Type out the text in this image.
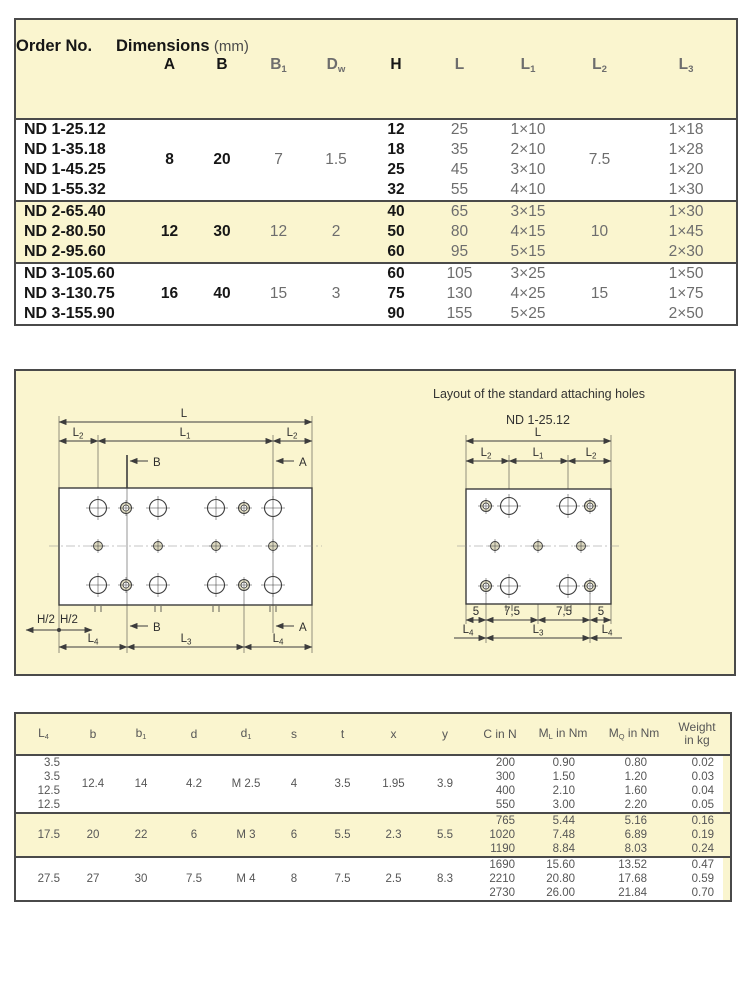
Order No.	Dimensions (mm)								

	A	B	$B_1$	$D_w$	H	L	$L_1$	$L_2$	$L_3$
ND 1-25.12	8	20	7	1.5	12	25	1×10	7.5	1×18
ND 1-35.18					18	35	2×10		1×28
ND 1-45.25					25	45	3×10		1×20
ND 1-55.32					32	55	4×10		1×30
ND 2-65.40	12	30	12	2	40	65	3×15	10	1×30
ND 2-80.50					50	80	4×15		1×45
ND 2-95.60					60	95	5×15		2×30
ND 3-105.60	16	40	15	3	60	105	3×25	15	1×50
ND 3-130.75					75	130	4×25		1×75
ND 3-155.90					90	155	5×25		2×50
L
$L_2$	$L_1$	$L_2$
B	A
B	A
H/2 H/2
$L_4$	$L_3$	$L_4$
Layout of the standard attaching holes
ND 1-25.12
L
$L_2$	$L_1$	$L_2$
5 7,5	7,5 5
$L_4$	$L_3$	$L_4$
$L_4$	b	$b_1$	d	$d_1$	s	t	x	y	C in N	$M_L$ in Nm	$M_Q$ in Nm	Weight
in kg	
3.5	12.4	14	4.2	M 2.5	4	3.5	1.95	3.9	200	0.90	0.80	0.02	
3.5									300	1.50	1.20	0.03	
12.5									400	2.10	1.60	0.04	
12.5									550	3.00	2.20	0.05	
17.5	20	22	6	M 3	6	5.5	2.3	5.5	765	5.44	5.16	0.16	
									1020	7.48	6.89	0.19	
									1190	8.84	8.03	0.24	
27.5	27	30	7.5	M 4	8	7.5	2.5	8.3	1690	15.60	13.52	0.47	
									2210	20.80	17.68	0.59	
									2730	26.00	21.84	0.70	
